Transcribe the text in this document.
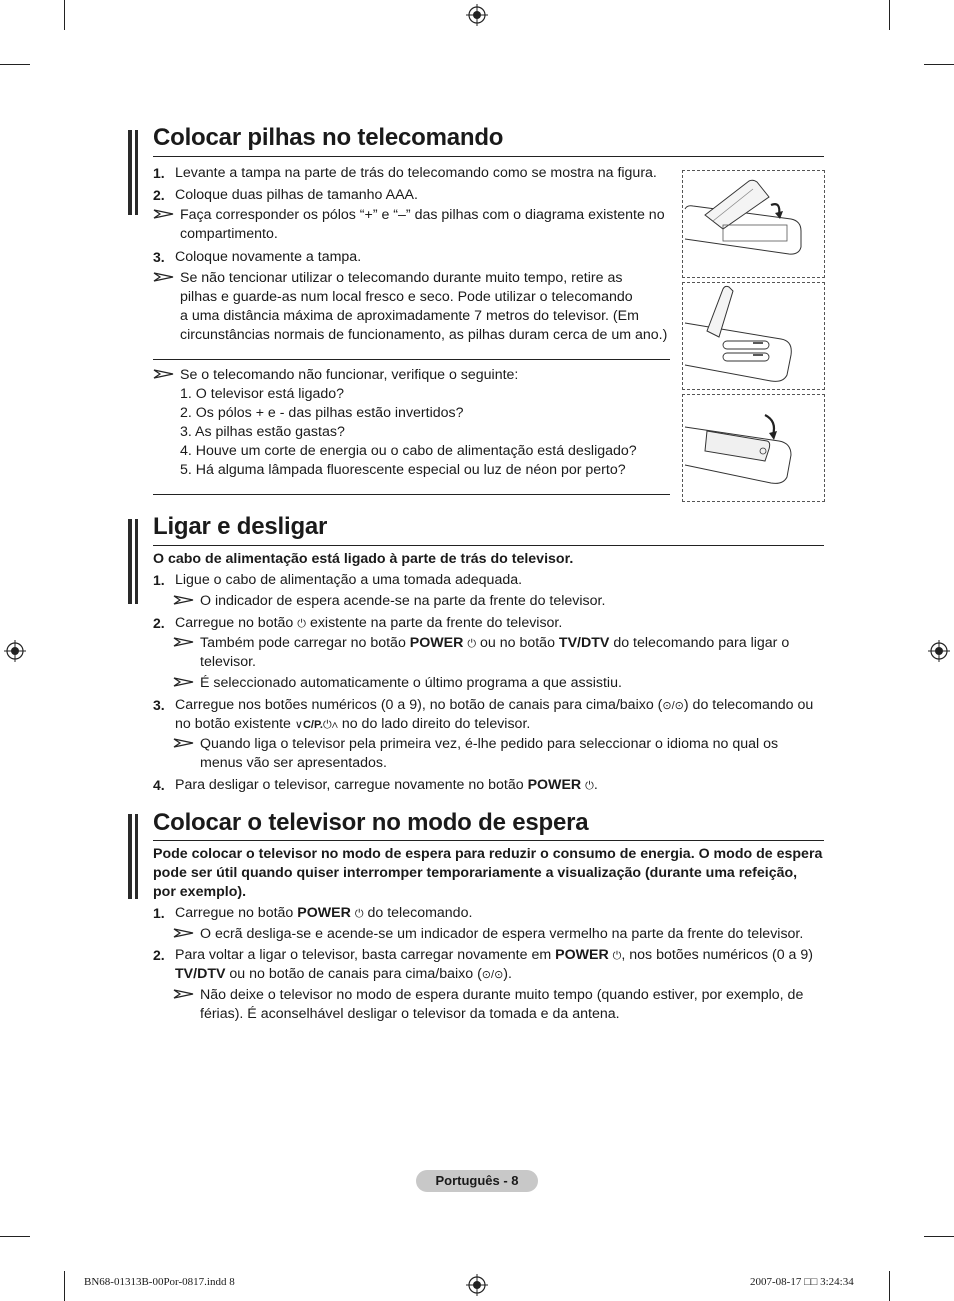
Colocar pilhas no telecomando
1. Levante a tampa na parte de trás do telecomando como se mostra na figura.
2. Coloque duas pilhas de tamanho AAA.
Faça corresponder os pólos “+” e “–” das pilhas com o diagrama existente no
compartimento.
3. Coloque novamente a tampa.
Se não tencionar utilizar o telecomando durante muito tempo, retire as
pilhas e guarde-as num local fresco e seco. Pode utilizar o telecomando
a uma distância máxima de aproximadamente 7 metros do televisor. (Em
circunstâncias normais de funcionamento, as pilhas duram cerca de um ano.)
Se o telecomando não funcionar, verifique o seguinte:
1. O televisor está ligado?
2. Os pólos + e - das pilhas estão invertidos?
3. As pilhas estão gastas?
4. Houve um corte de energia ou o cabo de alimentação está desligado?
5. Há alguma lâmpada fluorescente especial ou luz de néon por perto?
Ligar e desligar
O cabo de alimentação está ligado à parte de trás do televisor.
1. Ligue o cabo de alimentação a uma tomada adequada.
O indicador de espera acende-se na parte da frente do televisor.
2. Carregue no botão ⏻ existente na parte da frente do televisor.
Também pode carregar no botão POWER ⏻ ou no botão TV/DTV do telecomando para ligar o
televisor.
É seleccionado automaticamente o último programa a que assistiu.
3. Carregue nos botões numéricos (0 a 9), no botão de canais para cima/baixo (⊙/⊙) do telecomando ou
no botão existente ∨C/P.⏻∧ no do lado direito do televisor.
Quando liga o televisor pela primeira vez, é-lhe pedido para seleccionar o idioma no qual os
menus vão ser apresentados.
4. Para desligar o televisor, carregue novamente no botão POWER ⏻.
Colocar o televisor no modo de espera
Pode colocar o televisor no modo de espera para reduzir o consumo de energia. O modo de espera
pode ser útil quando quiser interromper temporariamente a visualização (durante uma refeição,
por exemplo).
1. Carregue no botão POWER ⏻ do telecomando.
O ecrã desliga-se e acende-se um indicador de espera vermelho na parte da frente do televisor.
2. Para voltar a ligar o televisor, basta carregar novamente em POWER ⏻, nos botões numéricos (0 a 9)
TV/DTV ou no botão de canais para cima/baixo (⊙/⊙).
Não deixe o televisor no modo de espera durante muito tempo (quando estiver, por exemplo, de
férias). É aconselhável desligar o televisor da tomada e da antena.
Português - 8
BN68-01313B-00Por-0817.indd 8	2007-08-17 □□ 3:24:34
